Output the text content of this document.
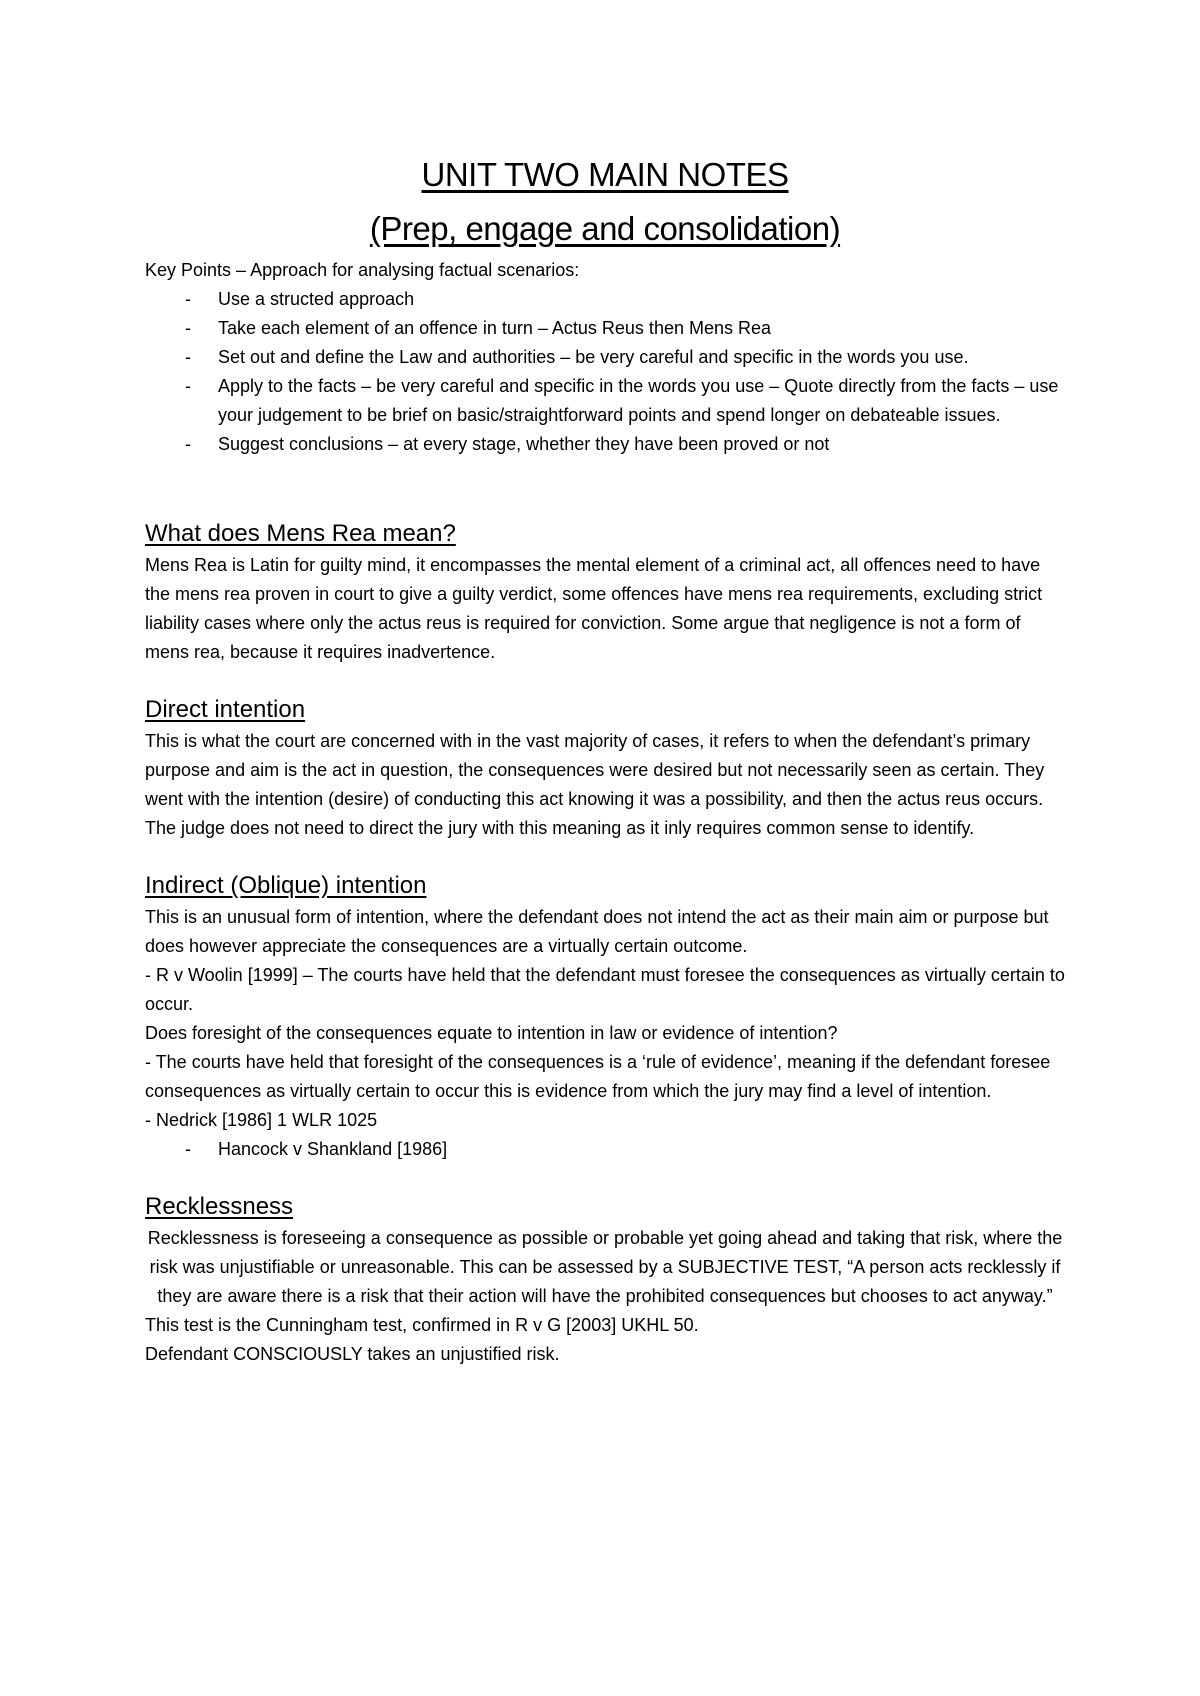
UNIT TWO MAIN NOTES
(Prep, engage and consolidation)

Key Points – Approach for analysing factual scenarios:

- Use a structed approach
- Take each element of an offence in turn – Actus Reus then Mens Rea
- Set out and define the Law and authorities – be very careful and specific in the words you use.
- Apply to the facts – be very careful and specific in the words you use – Quote directly from the facts – use your judgement to be brief on basic/straightforward points and spend longer on debateable issues.
- Suggest conclusions – at every stage, whether they have been proved or not
What does Mens Rea mean?

Mens Rea is Latin for guilty mind, it encompasses the mental element of a criminal act, all offences need to have the mens rea proven in court to give a guilty verdict, some offences have mens rea requirements, excluding strict liability cases where only the actus reus is required for conviction. Some argue that negligence is not a form of mens rea, because it requires inadvertence.

Direct intention

This is what the court are concerned with in the vast majority of cases, it refers to when the defendant’s primary purpose and aim is the act in question, the consequences were desired but not necessarily seen as certain. They went with the intention (desire) of conducting this act knowing it was a possibility, and then the actus reus occurs. The judge does not need to direct the jury with this meaning as it inly requires common sense to identify.

Indirect (Oblique) intention

This is an unusual form of intention, where the defendant does not intend the act as their main aim or purpose but does however appreciate the consequences are a virtually certain outcome.

- R v Woolin [1999] – The courts have held that the defendant must foresee the consequences as virtually certain to occur.

Does foresight of the consequences equate to intention in law or evidence of intention?

- The courts have held that foresight of the consequences is a ‘rule of evidence’, meaning if the defendant foresee consequences as virtually certain to occur this is evidence from which the jury may find a level of intention.

- Nedrick [1986] 1 WLR 1025

- Hancock v Shankland [1986]
Recklessness

Recklessness is foreseeing a consequence as possible or probable yet going ahead and taking that risk, where the risk was unjustifiable or unreasonable. This can be assessed by a SUBJECTIVE TEST, “A person acts recklessly if they are aware there is a risk that their action will have the prohibited consequences but chooses to act anyway.”

This test is the Cunningham test, confirmed in R v G [2003] UKHL 50.

Defendant CONSCIOUSLY takes an unjustified risk.
